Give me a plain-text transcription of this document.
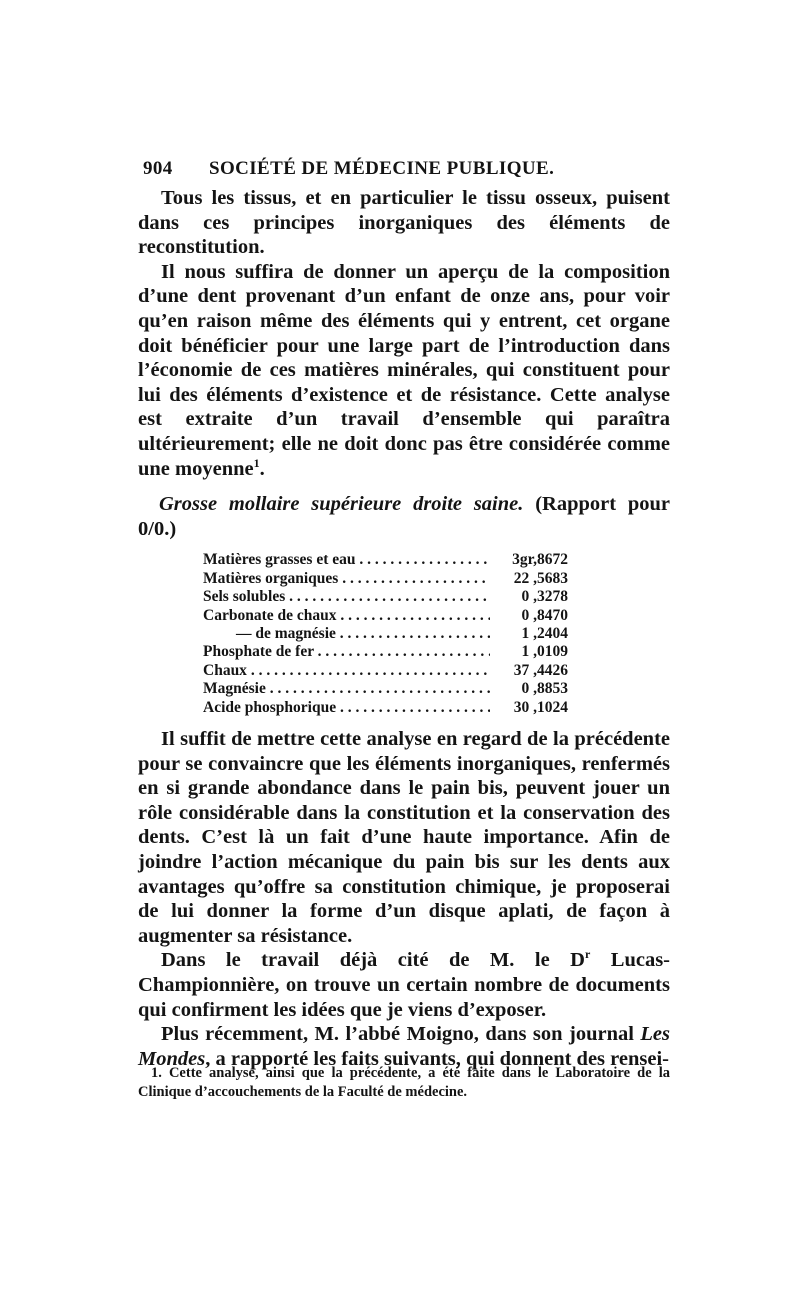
904 SOCIÉTÉ DE MÉDECINE PUBLIQUE.

Tous les tissus, et en particulier le tissu osseux, puisent dans ces principes inorganiques des éléments de reconstitution.

Il nous suffira de donner un aperçu de la composition d’une dent provenant d’un enfant de onze ans, pour voir qu’en raison même des éléments qui y entrent, cet organe doit bénéficier pour une large part de l’introduction dans l’économie de ces matières minérales, qui constituent pour lui des éléments d’existence et de résistance. Cette analyse est extraite d’un travail d’ensemble qui paraîtra ultérieurement; elle ne doit donc pas être considérée comme une moyenne$^1$.

Grosse mollaire supérieure droite saine. (Rapport pour 0/0.)

Matières grasses et eau . . .	3gr,8672
Matières organiques . . .	22 ,5683
Sels solubles . . .	0 ,3278
Carbonate de chaux . . .	0 ,8470
— de magnésie . . .	1 ,2404
Phosphate de fer . . .	1 ,0109
Chaux . . .	37 ,4426
Magnésie . . .	0 ,8853
Acide phosphorique . . .	30 ,1024

Il suffit de mettre cette analyse en regard de la précédente pour se convaincre que les éléments inorganiques, renfermés en si grande abondance dans le pain bis, peuvent jouer un rôle considérable dans la constitution et la conservation des dents. C’est là un fait d’une haute importance. Afin de joindre l’action mécanique du pain bis sur les dents aux avantages qu’offre sa constitution chimique, je proposerai de lui donner la forme d’un disque aplati, de façon à augmenter sa résistance.

Dans le travail déjà cité de M. le $D^r$ Lucas-Championnière, on trouve un certain nombre de documents qui confirment les idées que je viens d’exposer.

Plus récemment, M. l’abbé Moigno, dans son journal Les Mondes, a rapporté les faits suivants, qui donnent des rensei-

1. Cette analyse, ainsi que la précédente, a été faite dans le Laboratoire de la Clinique d’accouchements de la Faculté de médecine.
